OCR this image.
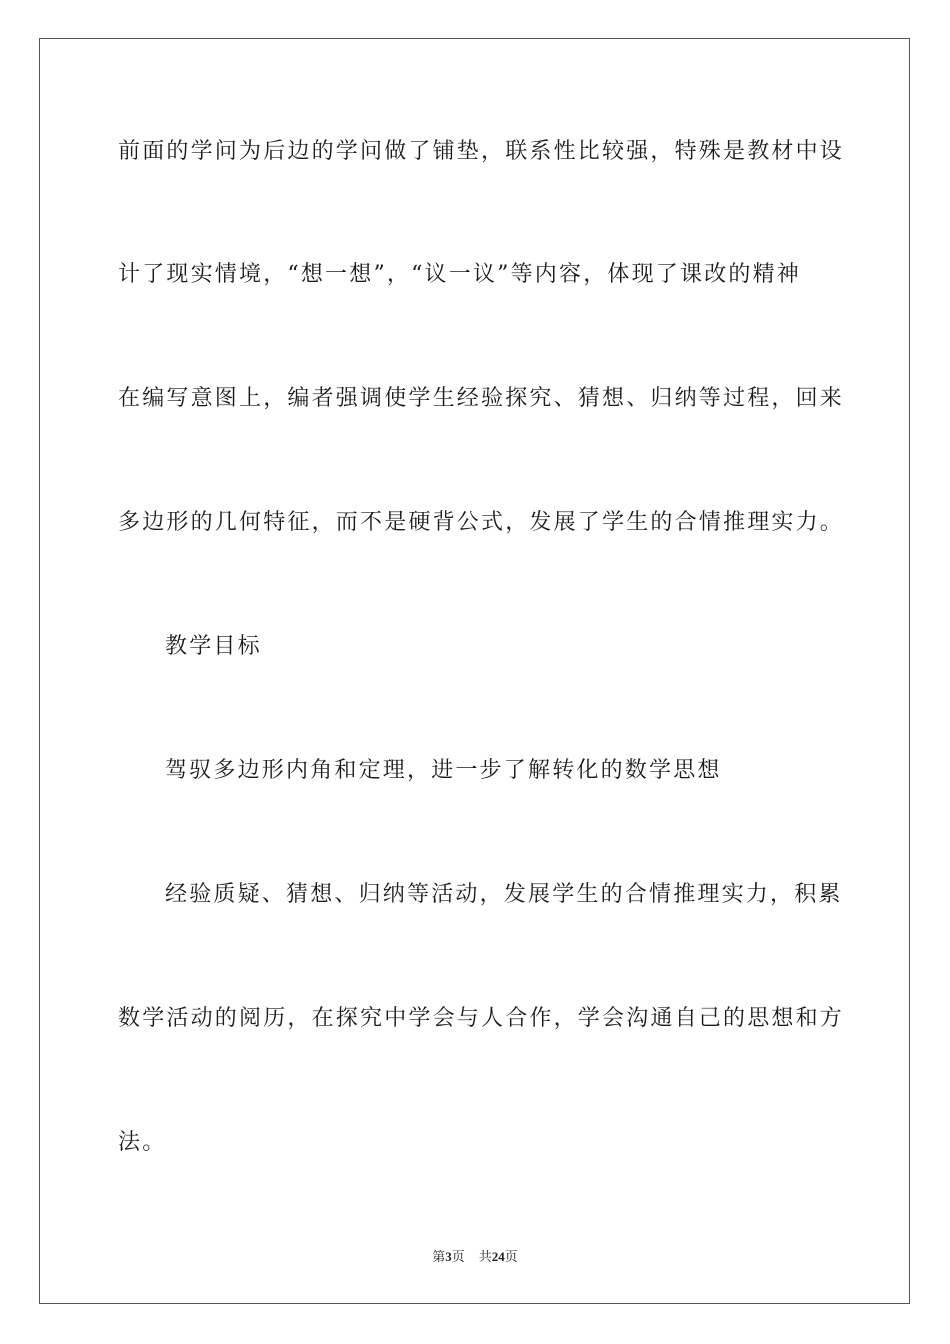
前面的学问为后边的学问做了铺垫，联系性比较强，特殊是教材中设
计了现实情境，“想一想”，“议一议”等内容，体现了课改的精神
在编写意图上，编者强调使学生经验探究、猜想、归纳等过程，回来
多边形的几何特征，而不是硬背公式，发展了学生的合情推理实力。
教学目标
驾驭多边形内角和定理，进一步了解转化的数学思想
经验质疑、猜想、归纳等活动，发展学生的合情推理实力，积累
数学活动的阅历，在探究中学会与人合作，学会沟通自己的思想和方
法。
第3页 共24页
